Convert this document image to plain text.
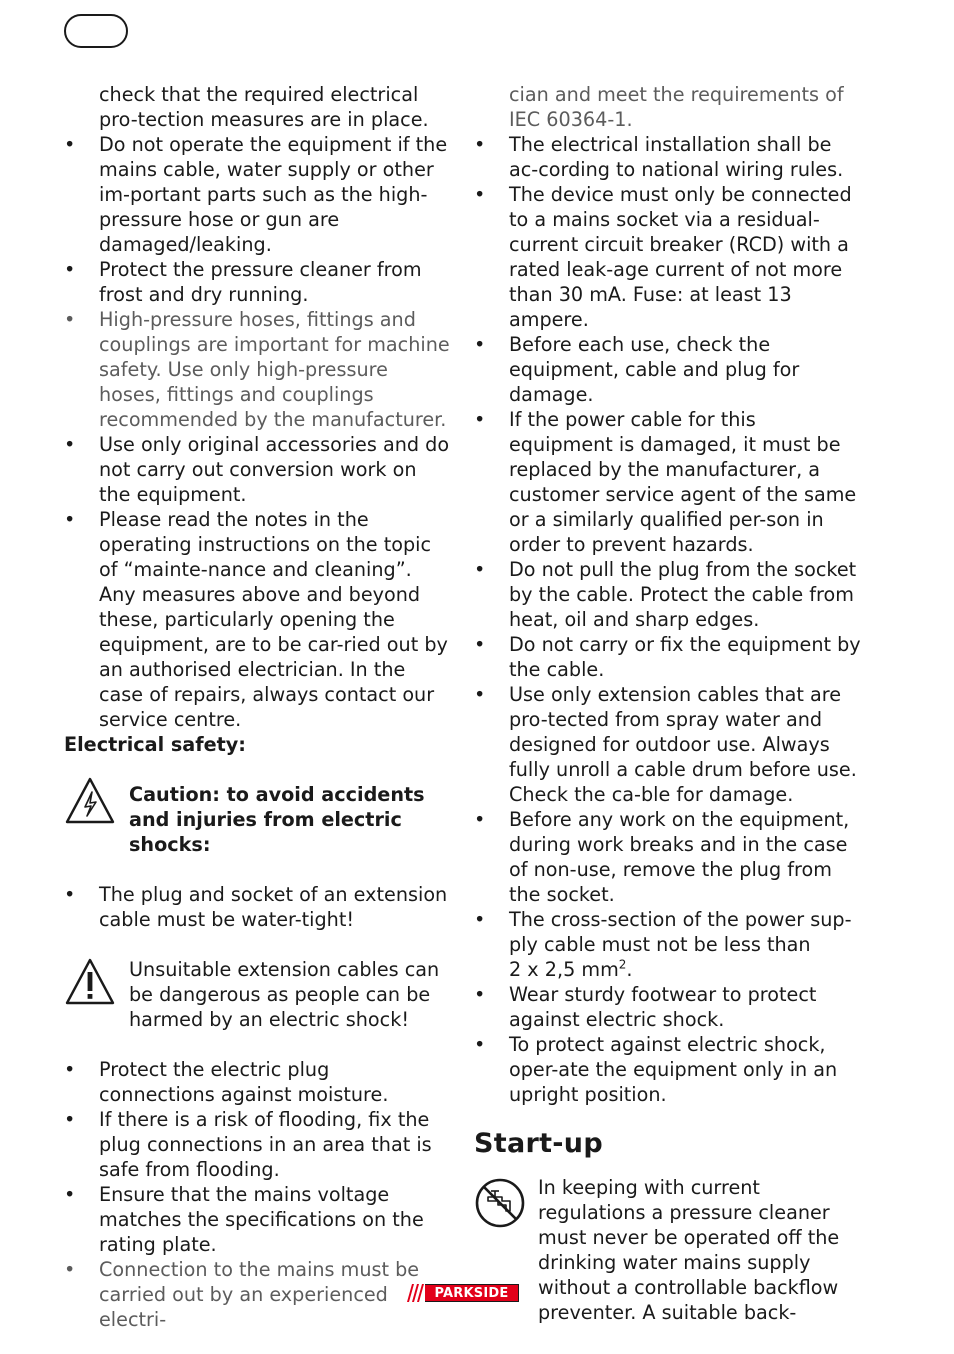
check that the required electrical pro-tection measures are in place.
• Do not operate the equipment if the mains cable, water supply or other im-portant parts such as the high-pressure hose or gun are damaged/leaking.
• Protect the pressure cleaner from frost and dry running.
• High-pressure hoses, fittings and couplings are important for machine safety. Use only high-pressure hoses, fittings and couplings recommended by the manufacturer.
• Use only original accessories and do not carry out conversion work on the equipment.
• Please read the notes in the operating instructions on the topic of “mainte-nance and cleaning”. Any measures above and beyond these, particularly opening the equipment, are to be car-ried out by an authorised electrician. In the case of repairs, always contact our service centre.
Electrical safety:
Caution: to avoid accidents and injuries from electric shocks:
• The plug and socket of an extension cable must be water-tight!
Unsuitable extension cables can be dangerous as people can be harmed by an electric shock!
• Protect the electric plug connections against moisture.
• If there is a risk of flooding, fix the plug connections in an area that is safe from flooding.
• Ensure that the mains voltage matches the specifications on the rating plate.
• Connection to the mains must be carried out by an experienced electri-
cian and meet the requirements of
IEC 60364-1.
• The electrical installation shall be ac-cording to national wiring rules.
• The device must only be connected to a mains socket via a residual-current circuit breaker (RCD) with a rated leak-age current of not more than 30 mA. Fuse: at least 13 ampere.
• Before each use, check the equipment, cable and plug for damage.
• If the power cable for this equipment is damaged, it must be replaced by the manufacturer, a customer service agent of the same or a similarly qualified per-son in order to prevent hazards.
• Do not pull the plug from the socket by the cable. Protect the cable from heat, oil and sharp edges.
• Do not carry or fix the equipment by the cable.
• Use only extension cables that are pro-tected from spray water and designed for outdoor use. Always fully unroll a cable drum before use. Check the ca-ble for damage.
• Before any work on the equipment, during work breaks and in the case of non-use, remove the plug from the socket.
• The cross-section of the power sup-ply cable must not be less than
2 x 2,5 $mm^2$.
• Wear sturdy footwear to protect against electric shock.
• To protect against electric shock, oper-ate the equipment only in an upright position.
Start-up
In keeping with current regulations a pressure cleaner must never be operated off the drinking water mains supply without a controllable backflow preventer. A suitable back-
PARKSIDE
